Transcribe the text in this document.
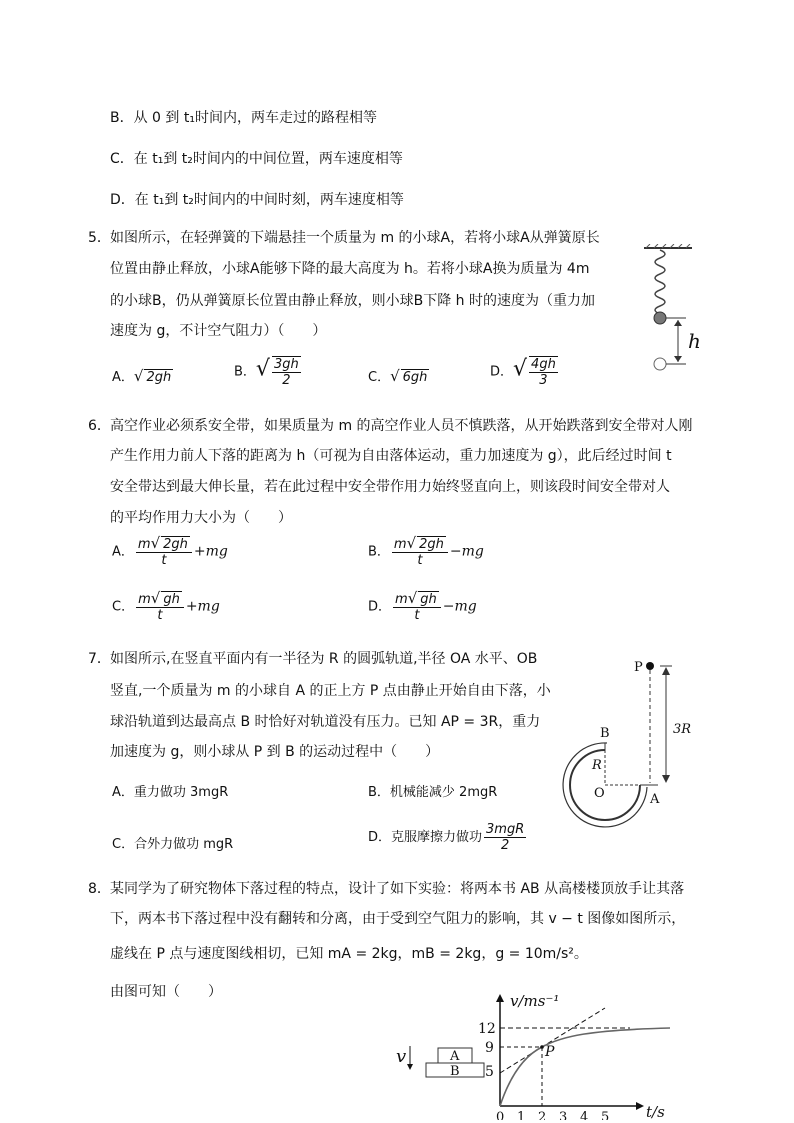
B．从 0 到 t₁时间内，两车走过的路程相等
C．在 t₁到 t₂时间内的中间位置，两车速度相等
D．在 t₁到 t₂时间内的中间时刻，两车速度相等
5． 如图所示，在轻弹簧的下端悬挂一个质量为 m 的小球A，若将小球A从弹簧原长
位置由静止释放，小球A能够下降的最大高度为 h。若将小球A换为质量为 4m
的小球B，仍从弹簧原长位置由静止释放，则小球B下降 h 时的速度为（重力加
速度为 g，不计空气阻力）（　　）
A．√ 2gh	B．√ $\frac{3gh}{2}$	C．√ 6gh	D．√ $\frac{4gh}{3}$
h
6． 高空作业必须系安全带，如果质量为 m 的高空作业人员不慎跌落，从开始跌落到安全带对人刚
产生作用力前人下落的距离为 h（可视为自由落体运动，重力加速度为 g），此后经过时间 t
安全带达到最大伸长量，若在此过程中安全带作用力始终竖直向上，则该段时间安全带对人
的平均作用力大小为（　　）
A． $\frac{m√ 2gh}{t} +mg$	B． $\frac{m√ 2gh}{t} -mg$
C． $\frac{m√ gh}{t} +mg$	D． $\frac{m√ gh}{t} -mg$
7． 如图所示,在竖直平面内有一半径为 R 的圆弧轨道,半径 OA 水平、OB
竖直,一个质量为 m 的小球自 A 的正上方 P 点由静止开始自由下落，小
球沿轨道到达最高点 B 时恰好对轨道没有压力。已知 AP = 3R，重力
加速度为 g，则小球从 P 到 B 的运动过程中（　　）
A．重力做功 3mgR	B．机械能减少 2mgR
C．合外力做功 mgR	D．克服摩擦力做功 $\frac{\text{3mgR}}{2}$
P
B
R
O	A
3R
8． 某同学为了研究物体下落过程的特点，设计了如下实验：将两本书 AB 从高楼楼顶放手让其落
下，两本书下落过程中没有翻转和分离，由于受到空气阻力的影响，其 v − t 图像如图所示，
虚线在 P 点与速度图线相切，已知 mA = 2kg，mB = 2kg，g = 10m/s²。
由图可知（　　）
v	A
B
v/ms⁻¹
t/s
12
9
5
0 1 2 3 4 5
P
